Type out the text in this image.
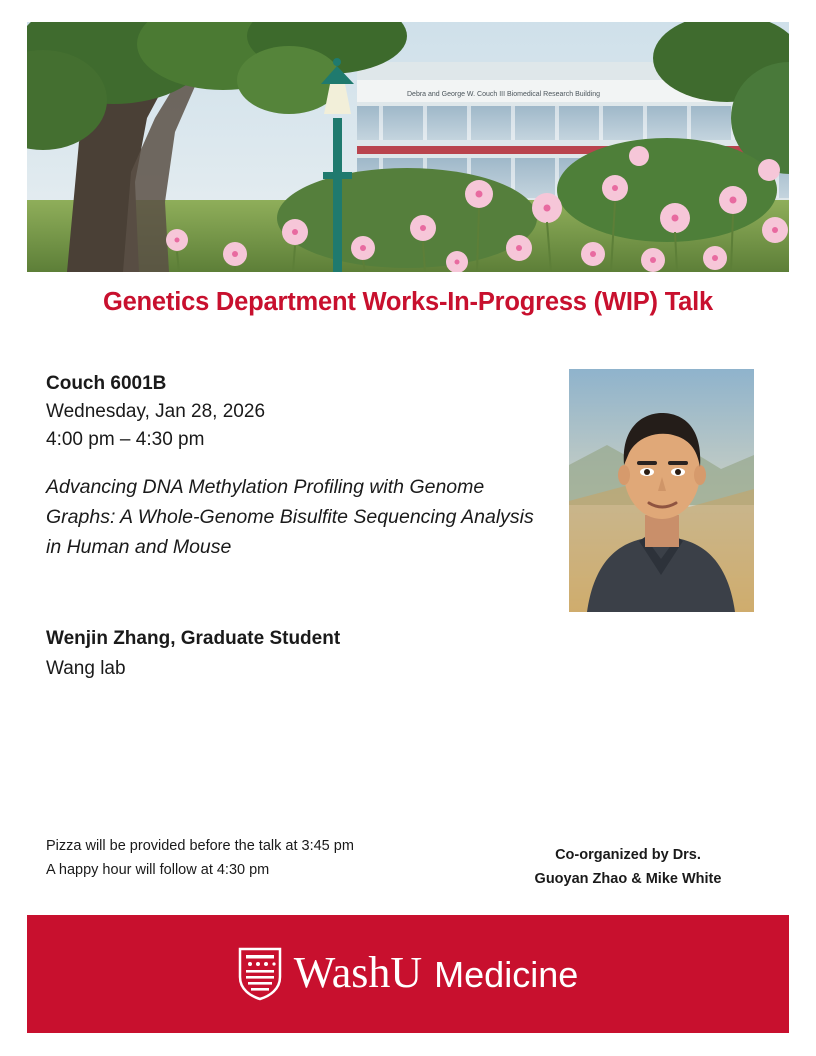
Debra and George W. Couch III Biomedical Research Building
Genetics Department Works-In-Progress (WIP) Talk
Couch 6001B
Wednesday, Jan 28, 2026
4:00 pm – 4:30 pm
Advancing DNA Methylation Profiling with Genome Graphs: A Whole-Genome Bisulfite Sequencing Analysis in Human and Mouse
Wenjin Zhang, Graduate Student
Wang lab
Pizza will be provided before the talk at 3:45 pm
A happy hour will follow at 4:30 pm
Co-organized by Drs.
Guoyan Zhao & Mike White
WashU Medicine
